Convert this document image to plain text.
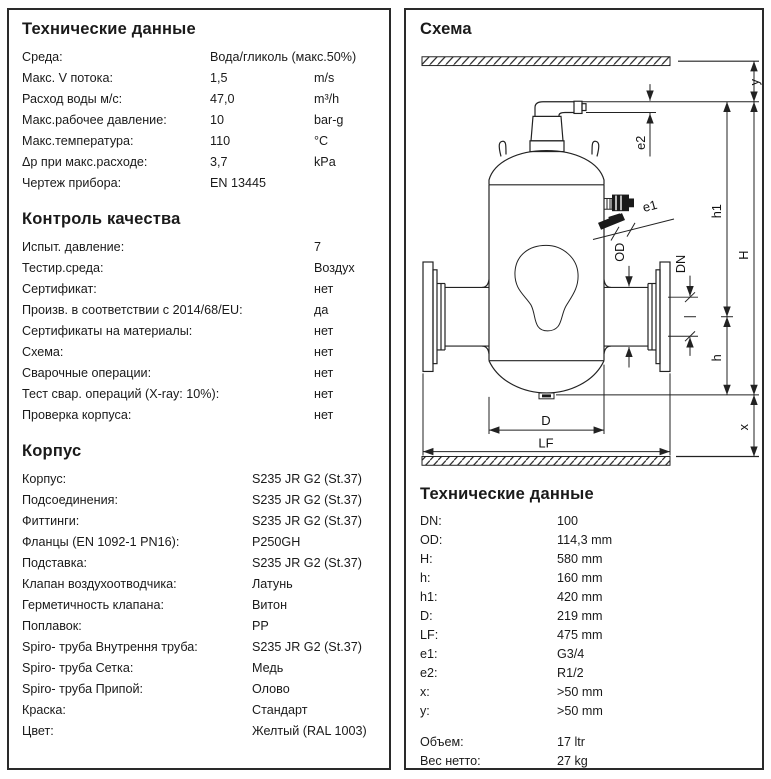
Технические данные
Среда:	Вода/гликоль (макс.50%)
Макс. V потока:	1,5	m/s
Расход воды м/с:	47,0	m³/h
Макс.рабочее давление:	10	bar-g
Макс.температура:	110	°C
Δp при макс.расходе:	3,7	kPa
Чертеж прибора:	EN 13445
Контроль качества
Испыт. давление:	7
Тестир.среда:	Воздух
Сертификат:	нет
Произв. в соответствии с 2014/68/EU:	да
Сертификаты на материалы:	нет
Схема:	нет
Сварочные операции:	нет
Тест свар. операций (X-ray: 10%):	нет
Проверка корпуса:	нет
Корпус
Корпус:	S235 JR G2 (St.37)
Подсоединения:	S235 JR G2 (St.37)
Фиттинги:	S235 JR G2 (St.37)
Фланцы (EN 1092-1 PN16):	P250GH
Подставка:	S235 JR G2 (St.37)
Клапан воздухоотводчика:	Латунь
Герметичность клапана:	Витон
Поплавок:	PP
Spiro- труба Внутрення труба:	S235 JR G2 (St.37)
Spiro- труба Сетка:	Медь
Spiro- труба Припой:	Олово
Краска:	Стандарт
Цвет:	Желтый (RAL 1003)
Схема
y
e2
e1
OD
DN
h1
h
H
x
D
LF
Технические данные
DN:	100
OD:	114,3 mm
H:	580 mm
h:	160 mm
h1:	420 mm
D:	219 mm
LF:	475 mm
e1:	G3/4
e2:	R1/2
x:	>50 mm
y:	>50 mm
Объем:	17 ltr
Вес нетто:	27 kg
